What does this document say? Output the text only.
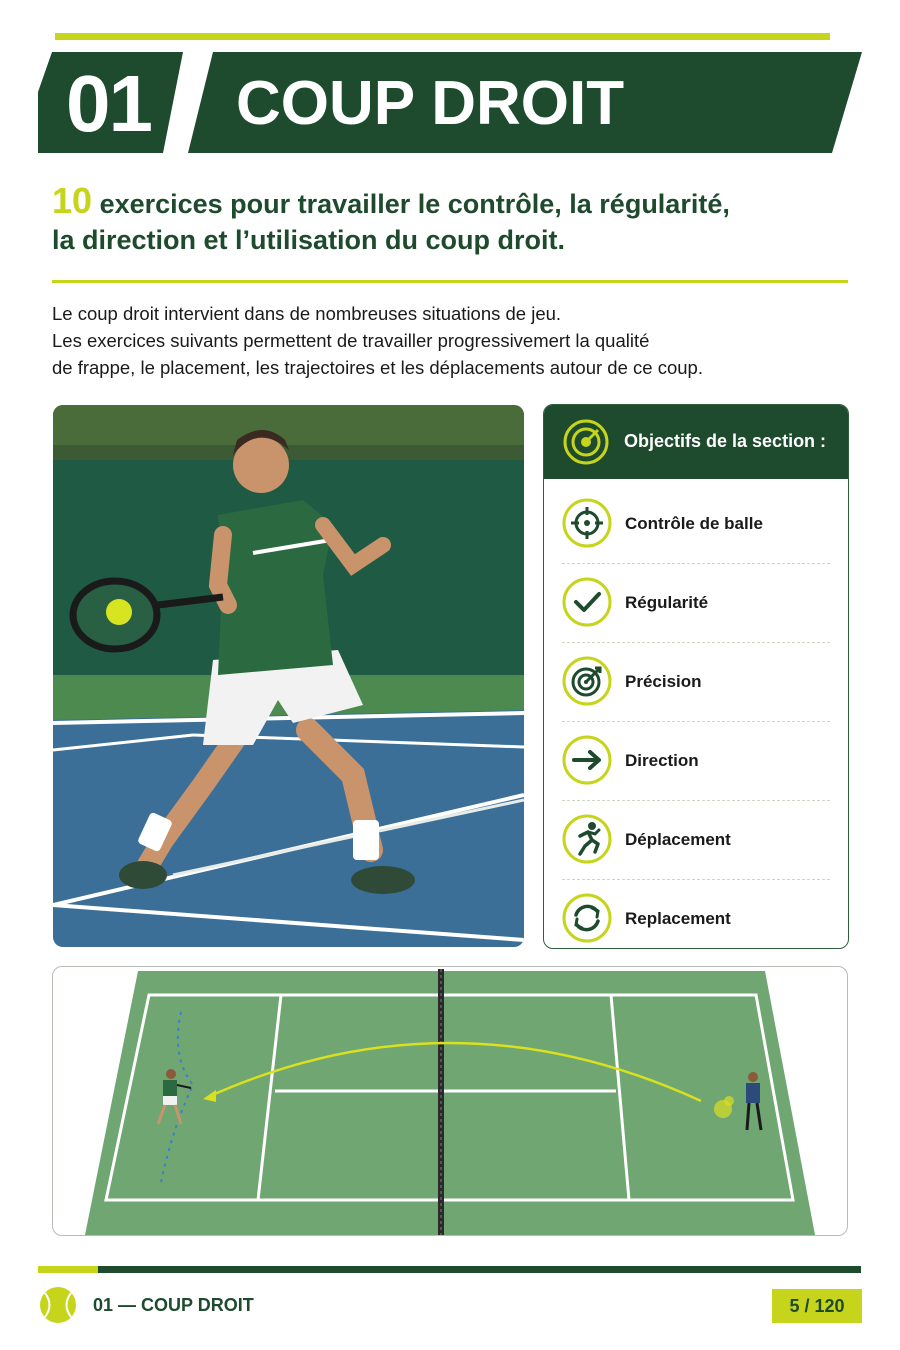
01 COUP DROIT
10 exercices pour travailler le contrôle, la régularité,
la direction et l’utilisation du coup droit.
Le coup droit intervient dans de nombreuses situations de jeu.
Les exercices suivants permettent de travailler progressivemert la qualité
de frappe, le placement, les trajectoires et les déplacements autour de ce coup.
Objectifs de la section :
Contrôle de balle
Régularité
Précision
Direction
Déplacement
Replacement
01 — COUP DROIT	5 / 120
